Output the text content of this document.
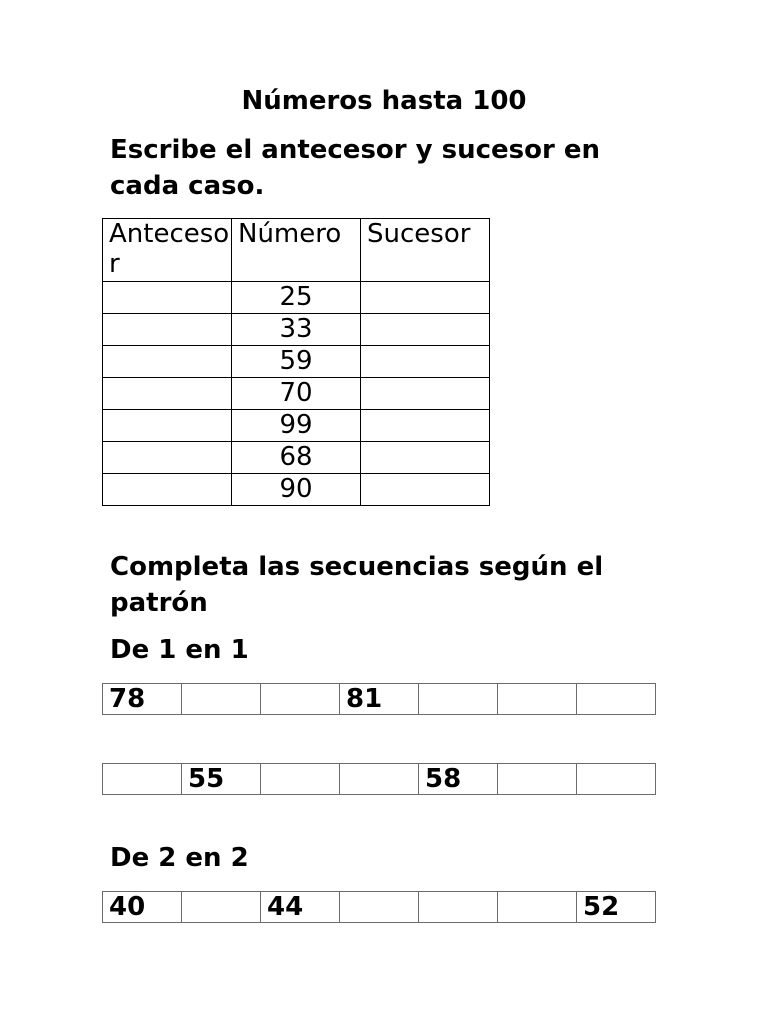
Números hasta 100

Escribe el antecesor y sucesor en cada caso.

Antecesor	Número	Sucesor
	25	
	33	
	59	
	70	
	99	
	68	
	90	

Completa las secuencias según el patrón

De 1 en 1

78			81			
	55			58		

De 2 en 2

40		44				52
